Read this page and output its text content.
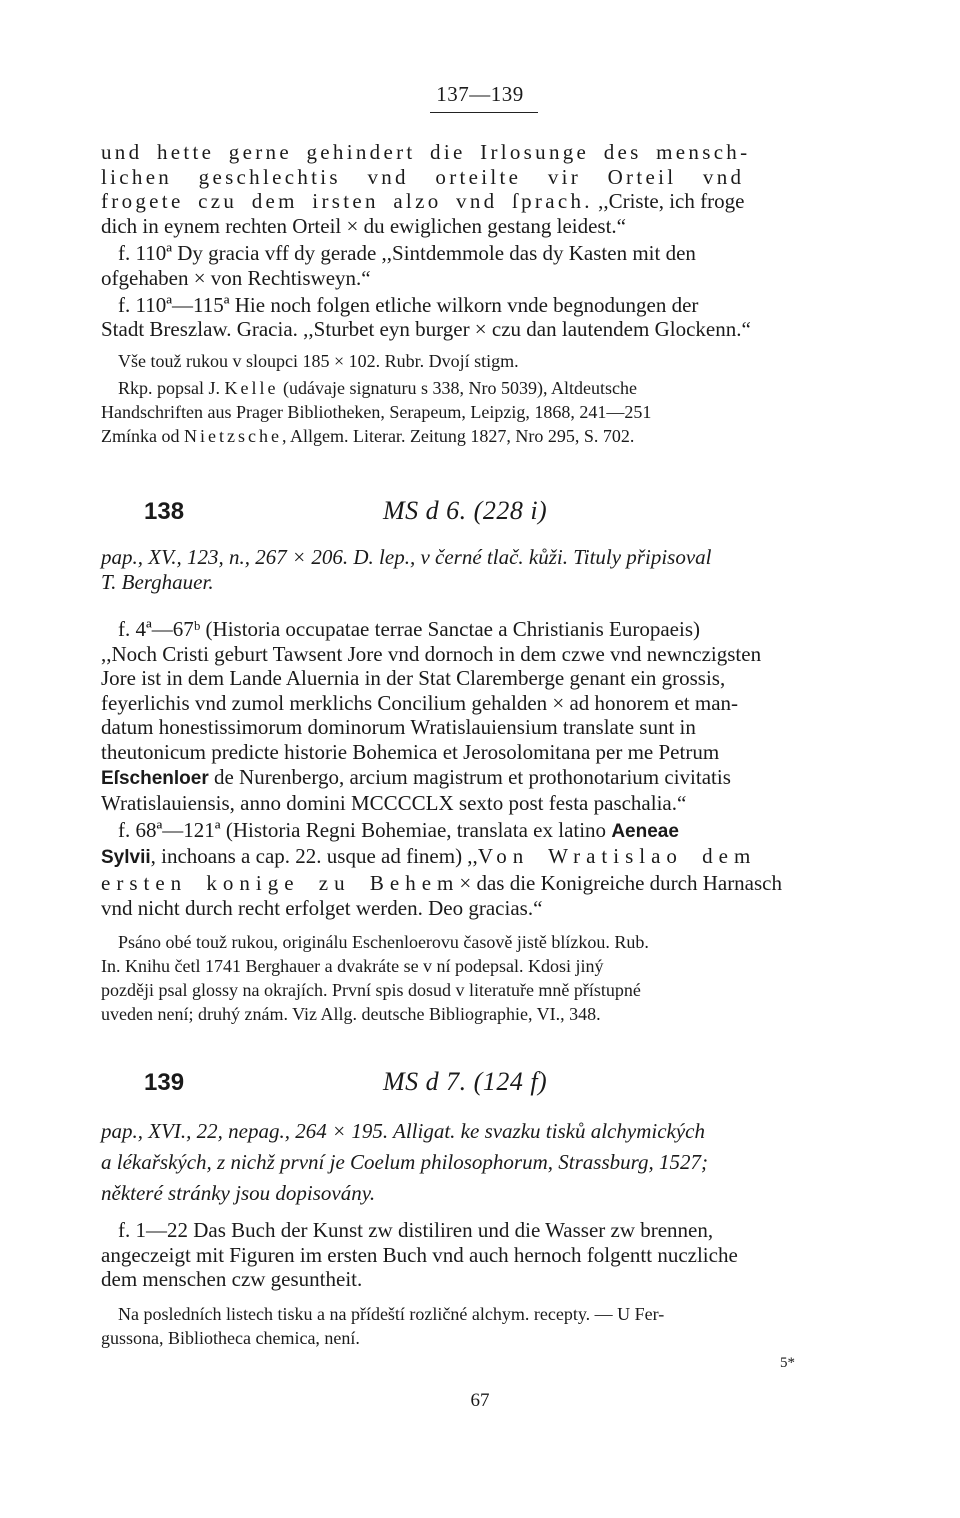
137—139

und hette gerne gehindert die Irlosunge des mensch-

lichen geschlechtis vnd orteilte vir Orteil vnd

frogete czu dem irsten alzo vnd ſprach. ,,Criste, ich froge

dich in eynem rechten Orteil × du ewiglichen gestang leidest.“

f. 110ª Dy gracia vff dy gerade ,,Sintdemmole das dy Kasten mit den

ofgehaben × von Rechtisweyn.“

f. 110ª—115ª Hie noch folgen etliche wilkorn vnde begnodungen der

Stadt Breszlaw. Gracia. ,,Sturbet eyn burger × czu dan lautendem Glockenn.“

Vše touž rukou v sloupci 185 × 102. Rubr. Dvojí stigm.

Rkp. popsal J. Kelle (udávaje signaturu s 338, Nro 5039), Altdeutsche

Handschriften aus Prager Bibliotheken, Serapeum, Leipzig, 1868, 241—251

Zmínka od Nietzsche, Allgem. Literar. Zeitung 1827, Nro 295, S. 702.

138	MS d 6. (228 i)

pap., XV., 123, n., 267 × 206. D. lep., v černé tlač. kůži. Tituly připisoval

T. Berghauer.

f. 4ª—67ᵇ (Historia occupatae terrae Sanctae a Christianis Europaeis)

,,Noch Cristi geburt Tawsent Jore vnd dornoch in dem czwe vnd newnczigsten

Jore ist in dem Lande Aluernia in der Stat Claremberge genant ein grossis,

feyerlichis vnd zumol merklichs Concilium gehalden × ad honorem et man-

datum honestissimorum dominorum Wratislauiensium translate sunt in

theutonicum predicte historie Bohemica et Jerosolomitana per me Petrum

Eſschenloer de Nurenbergo, arcium magistrum et prothonotarium civitatis

Wratislauiensis, anno domini MCCCCLX sexto post festa paschalia.“

f. 68ª—121ª (Historia Regni Bohemiae, translata ex latino Aeneae

Sylvii, inchoans a cap. 22. usque ad finem) ,,Von Wratislao dem

ersten konige zu Behem× das die Konigreiche durch Harnasch

vnd nicht durch recht erfolget werden. Deo gracias.“

Psáno obé touž rukou, originálu Eschenloerovu časově jistě blízkou. Rub.

In. Knihu četl 1741 Berghauer a dvakráte se v ní podepsal. Kdosi jiný

později psal glossy na okrajích. První spis dosud v literatuře mně přístupné

uveden není; druhý znám. Viz Allg. deutsche Bibliographie, VI., 348.

139	MS d 7. (124 f)

pap., XVI., 22, nepag., 264 × 195. Alligat. ke svazku tisků alchymických

a lékařských, z nichž první je Coelum philosophorum, Strassburg, 1527;

některé stránky jsou dopisovány.

f. 1—22 Das Buch der Kunst zw distiliren und die Wasser zw brennen,

angeczeigt mit Figuren im ersten Buch vnd auch hernoch folgentt nuczliche

dem menschen czw gesuntheit.

Na posledních listech tisku a na přídeští rozličné alchym. recepty. — U Fer-

gussona, Bibliotheca chemica, není.

5*
67
